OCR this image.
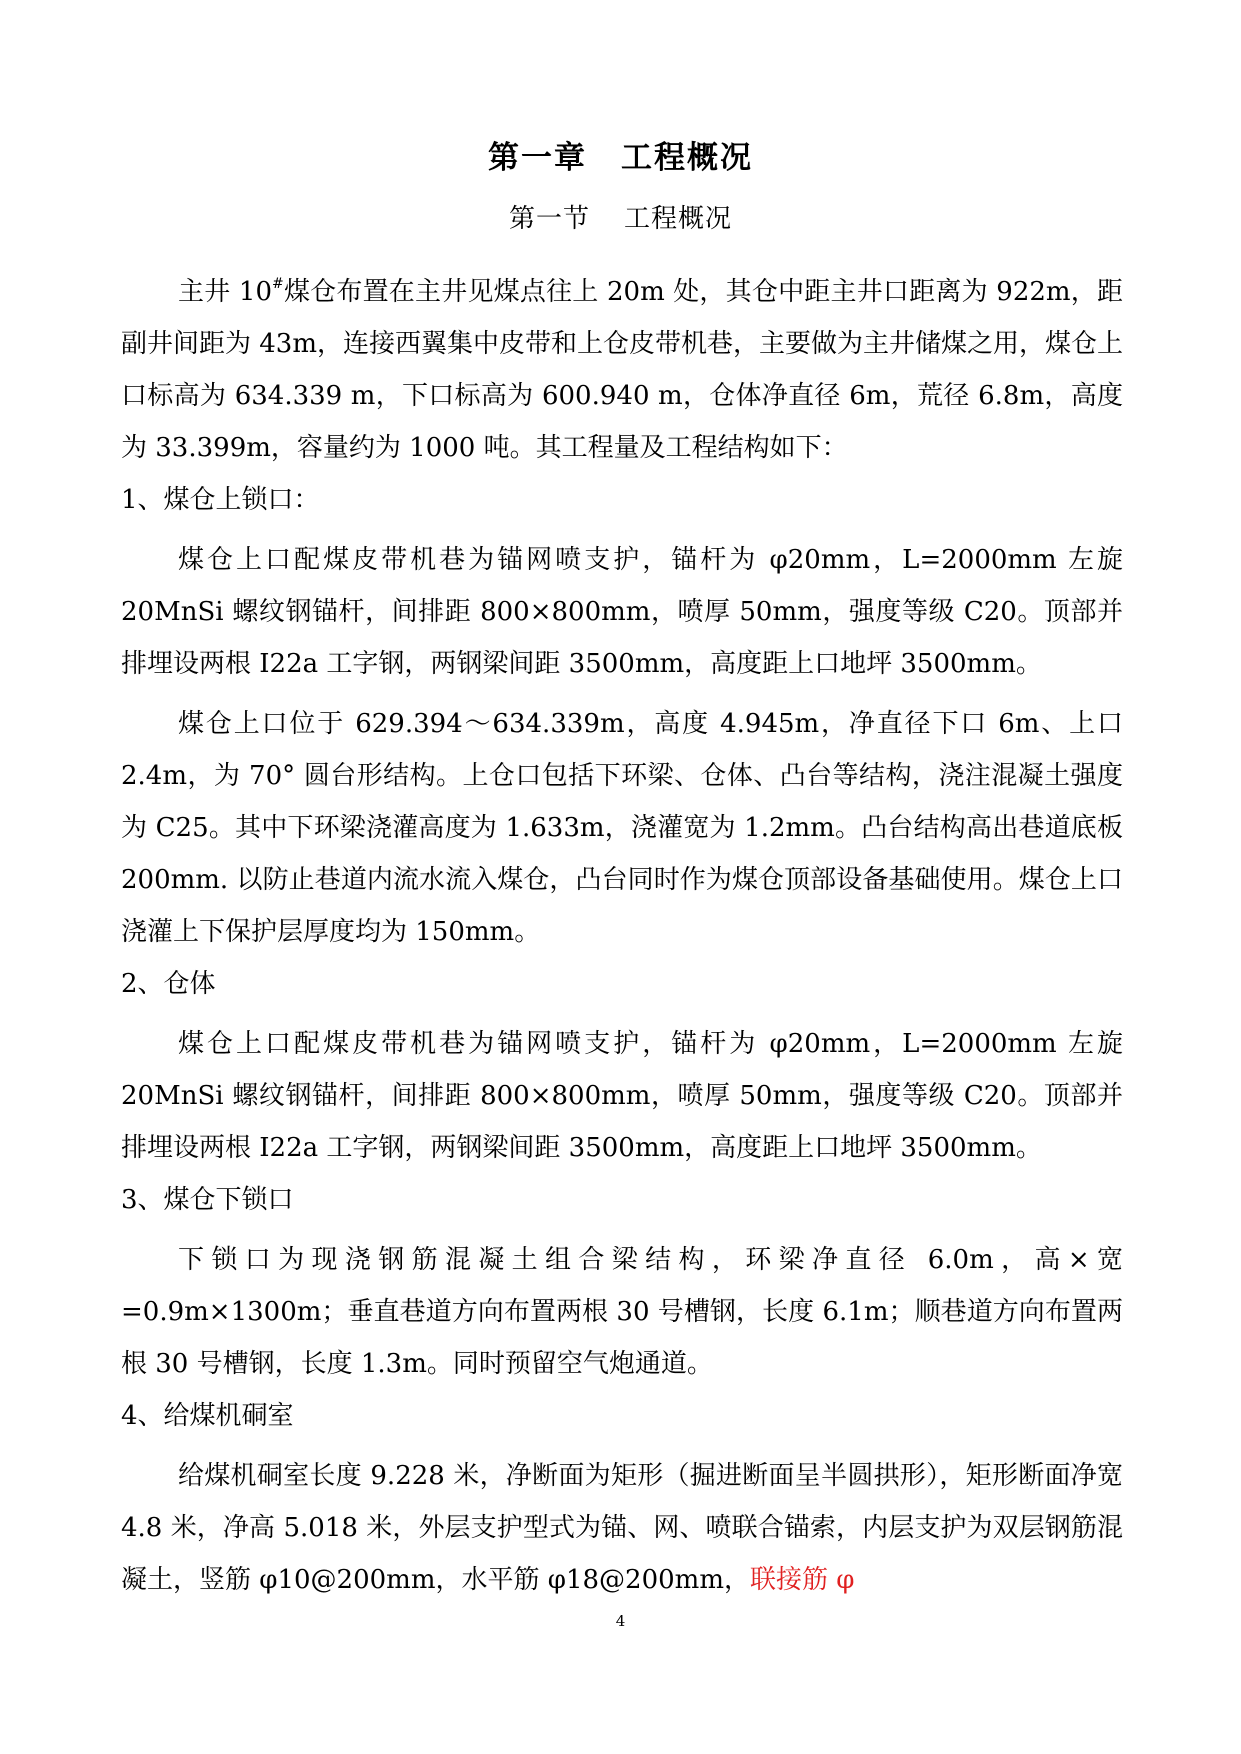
第一章 工程概况
第一节 工程概况

主井 10#煤仓布置在主井见煤点往上 20m 处，其仓中距主井口距离为 922m，距副井间距为 43m，连接西翼集中皮带和上仓皮带机巷，主要做为主井储煤之用，煤仓上口标高为 634.339 m，下口标高为 600.940 m，仓体净直径 6m，荒径 6.8m，高度为 33.399m，容量约为 1000 吨。其工程量及工程结构如下：

1、煤仓上锁口：

煤仓上口配煤皮带机巷为锚网喷支护，锚杆为 φ20mm，L=2000mm 左旋 20MnSi 螺纹钢锚杆，间排距 800×800mm，喷厚 50mm，强度等级 C20。顶部并排埋设两根 I22a 工字钢，两钢梁间距 3500mm，高度距上口地坪 3500mm。

煤仓上口位于 629.394～634.339m，高度 4.945m，净直径下口 6m、上口 2.4m，为 70° 圆台形结构。上仓口包括下环梁、仓体、凸台等结构，浇注混凝土强度为 C25。其中下环梁浇灌高度为 1.633m，浇灌宽为 1.2mm。凸台结构高出巷道底板 200mm. 以防止巷道内流水流入煤仓，凸台同时作为煤仓顶部设备基础使用。煤仓上口浇灌上下保护层厚度均为 150mm。

2、仓体

煤仓上口配煤皮带机巷为锚网喷支护，锚杆为 φ20mm，L=2000mm 左旋 20MnSi 螺纹钢锚杆，间排距 800×800mm，喷厚 50mm，强度等级 C20。顶部并排埋设两根 I22a 工字钢，两钢梁间距 3500mm，高度距上口地坪 3500mm。

3、煤仓下锁口

下锁口为现浇钢筋混凝土组合梁结构，环梁净直径 6.0m，高×宽=0.9m×1300m；垂直巷道方向布置两根 30 号槽钢，长度 6.1m；顺巷道方向布置两根 30 号槽钢，长度 1.3m。同时预留空气炮通道。

4、给煤机硐室

给煤机硐室长度 9.228 米，净断面为矩形（掘进断面呈半圆拱形），矩形断面净宽 4.8 米，净高 5.018 米，外层支护型式为锚、网、喷联合锚索，内层支护为双层钢筋混凝土，竖筋 φ10@200mm，水平筋 φ18@200mm，联接筋 φ

4
